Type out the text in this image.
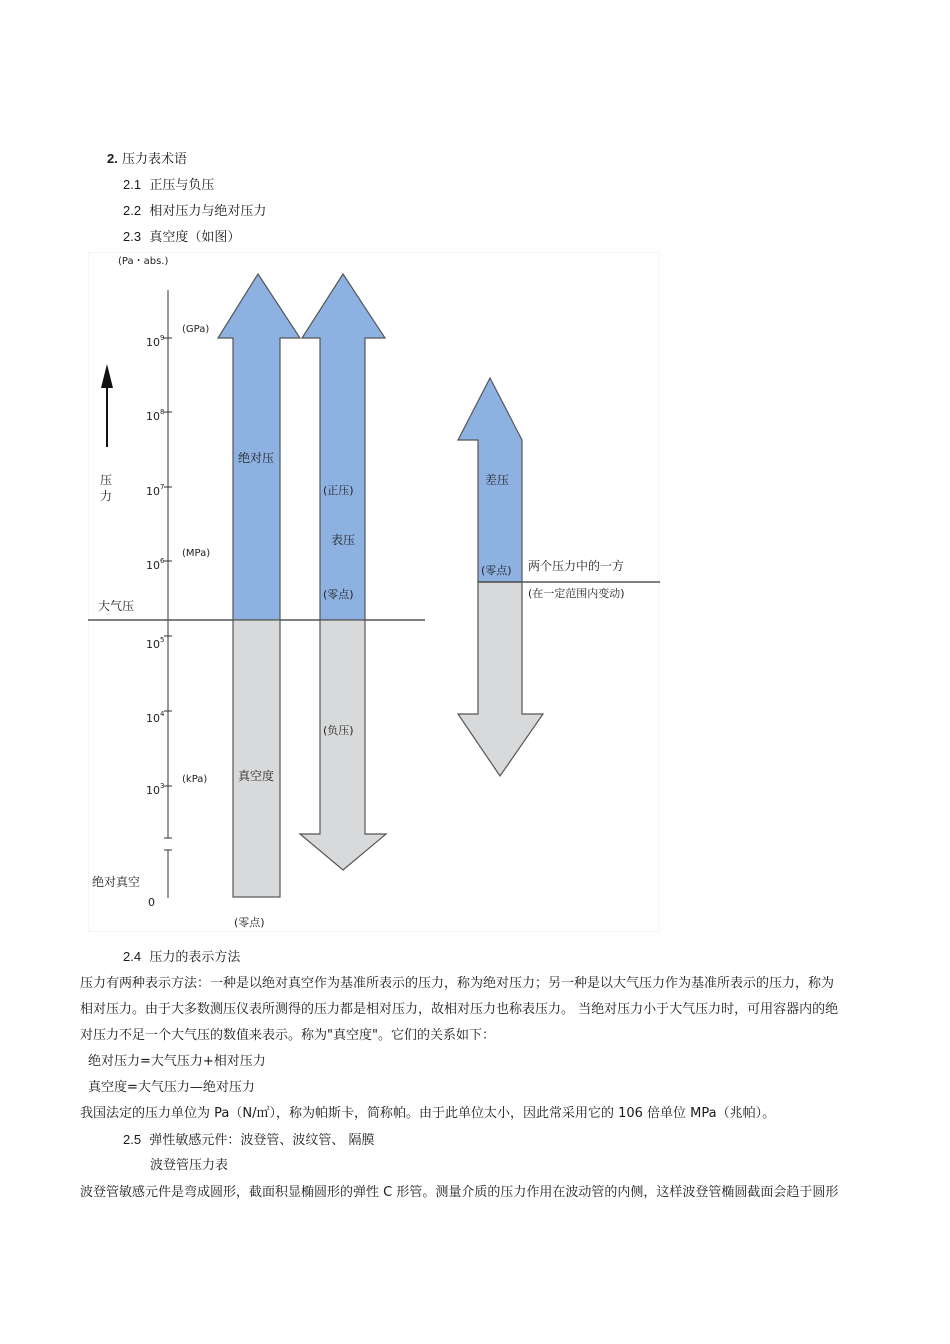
2. 压力表术语
2.1 正压与负压
2.2 相对压力与绝对压力
2.3 真空度（如图）
(Pa・abs.)
$10^9$
$10^8$
$10^7$
$10^6$
$10^5$
$10^4$
$10^3$
(GPa)
(MPa)
(kPa)
压
力
大气压
绝对真空
0
绝对压
真空度
(零点)
(正压)
表压
(零点)
(负压)
差压
(零点) 两个压力中的一方
(在一定范围内变动)
2.4 压力的表示方法
压力有两种表示方法：一种是以绝对真空作为基准所表示的压力，称为绝对压力；另一种是以大气压力作为基准所表示的压力，称为
相对压力。由于大多数测压仪表所测得的压力都是相对压力，故相对压力也称表压力。 当绝对压力小于大气压力时，可用容器内的绝
对压力不足一个大气压的数值来表示。称为"真空度"。它们的关系如下：
绝对压力=大气压力+相对压力
真空度=大气压力—绝对压力
我国法定的压力单位为 Pa（N/㎡），称为帕斯卡，简称帕。由于此单位太小，因此常采用它的 106 倍单位 MPa（兆帕）。
2.5 弹性敏感元件：波登管、波纹管、 隔膜
波登管压力表
波登管敏感元件是弯成圆形，截面积显椭圆形的弹性 C 形管。测量介质的压力作用在波动管的内侧，这样波登管椭圆截面会趋于圆形
